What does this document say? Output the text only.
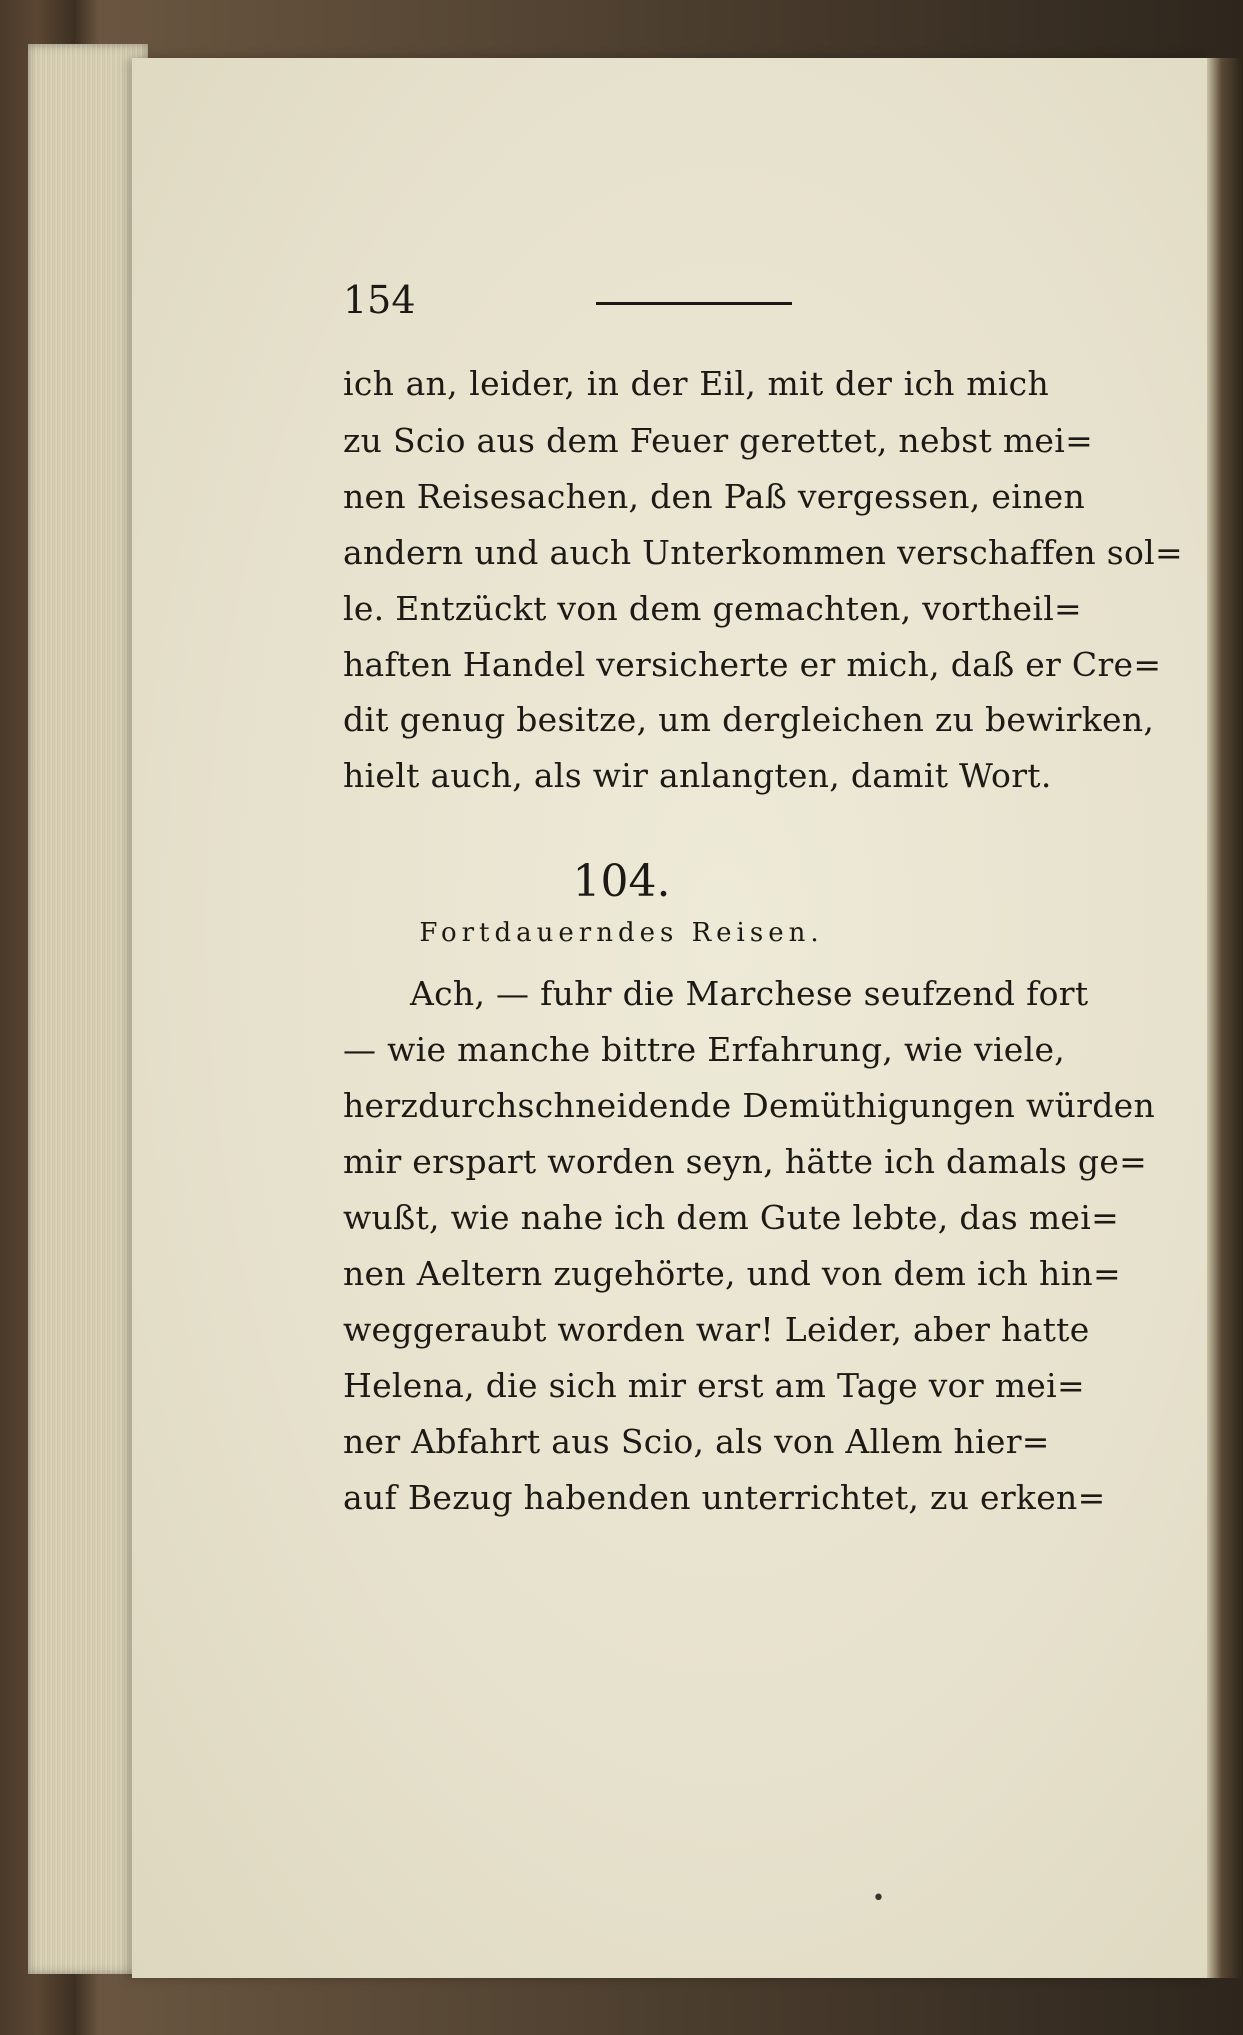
154
ich an, leider, in der Eil, mit der ich mich
zu Scio aus dem Feuer gerettet, nebst mei=
nen Reisesachen, den Paß vergessen, einen
andern und auch Unterkommen verschaffen sol=
le. Entzückt von dem gemachten, vortheil=
haften Handel versicherte er mich, daß er Cre=
dit genug besitze, um dergleichen zu bewirken,
hielt auch, als wir anlangten, damit Wort.
104.
Fortdauerndes Reisen.
Ach, — fuhr die Marchese seufzend fort
— wie manche bittre Erfahrung, wie viele,
herzdurchschneidende Demüthigungen würden
mir erspart worden seyn, hätte ich damals ge=
wußt, wie nahe ich dem Gute lebte, das mei=
nen Aeltern zugehörte, und von dem ich hin=
weggeraubt worden war! Leider, aber hatte
Helena, die sich mir erst am Tage vor mei=
ner Abfahrt aus Scio, als von Allem hier=
auf Bezug habenden unterrichtet, zu erken=
•
